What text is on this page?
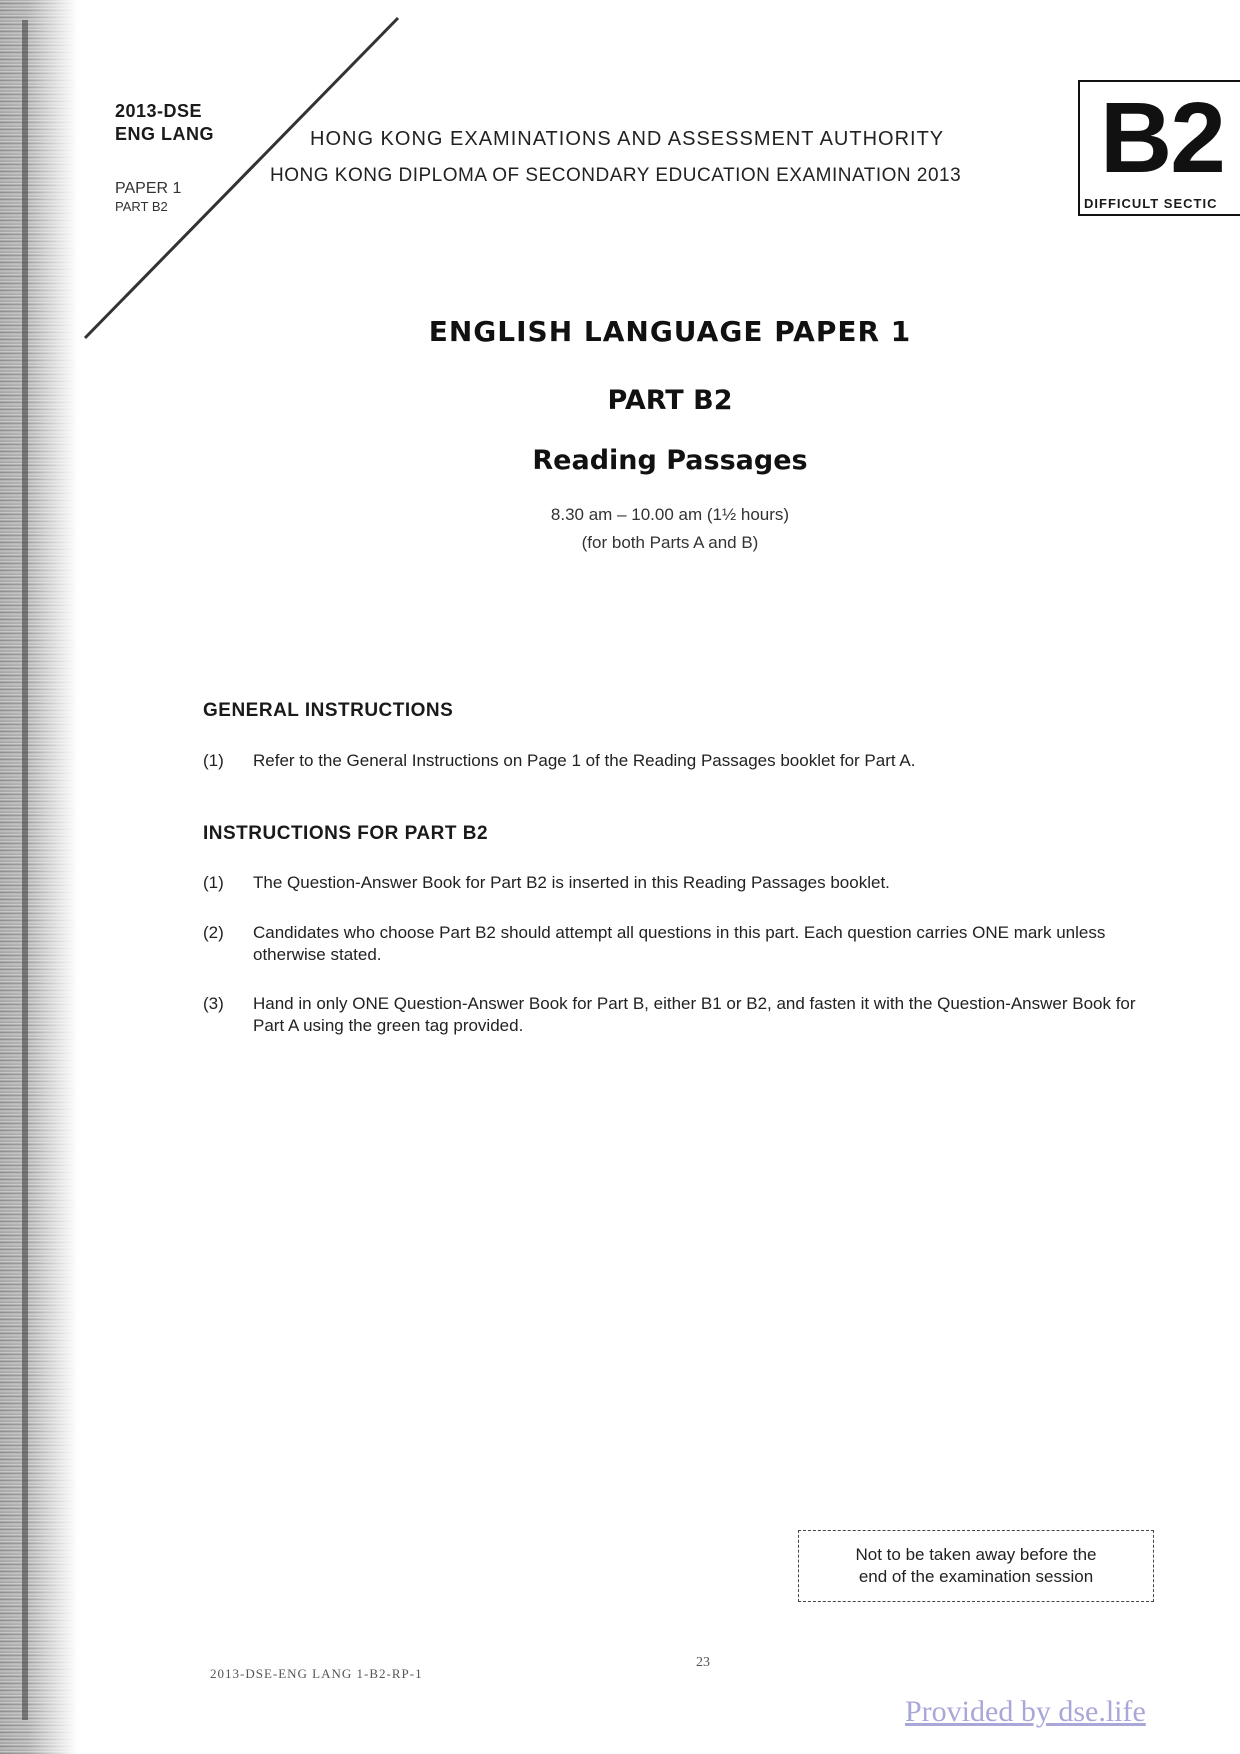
2013-DSE
ENG LANG
PAPER 1
PART B2
HONG KONG EXAMINATIONS AND ASSESSMENT AUTHORITY
HONG KONG DIPLOMA OF SECONDARY EDUCATION EXAMINATION 2013 B2
DIFFICULT SECTIC
ENGLISH LANGUAGE PAPER 1
PART B2
Reading Passages
8.30 am – 10.00 am (1½ hours)
(for both Parts A and B)
GENERAL INSTRUCTIONS
(1)	Refer to the General Instructions on Page 1 of the Reading Passages booklet for Part A.
INSTRUCTIONS FOR PART B2
(1)	The Question-Answer Book for Part B2 is inserted in this Reading Passages booklet.
(2)	Candidates who choose Part B2 should attempt all questions in this part. Each question carries ONE mark unless otherwise stated.
(3)	Hand in only ONE Question-Answer Book for Part B, either B1 or B2, and fasten it with the Question-Answer Book for Part A using the green tag provided.
Not to be taken away before the
end of the examination session
2013-DSE-ENG LANG 1-B2-RP-1
23
Provided by dse.life
